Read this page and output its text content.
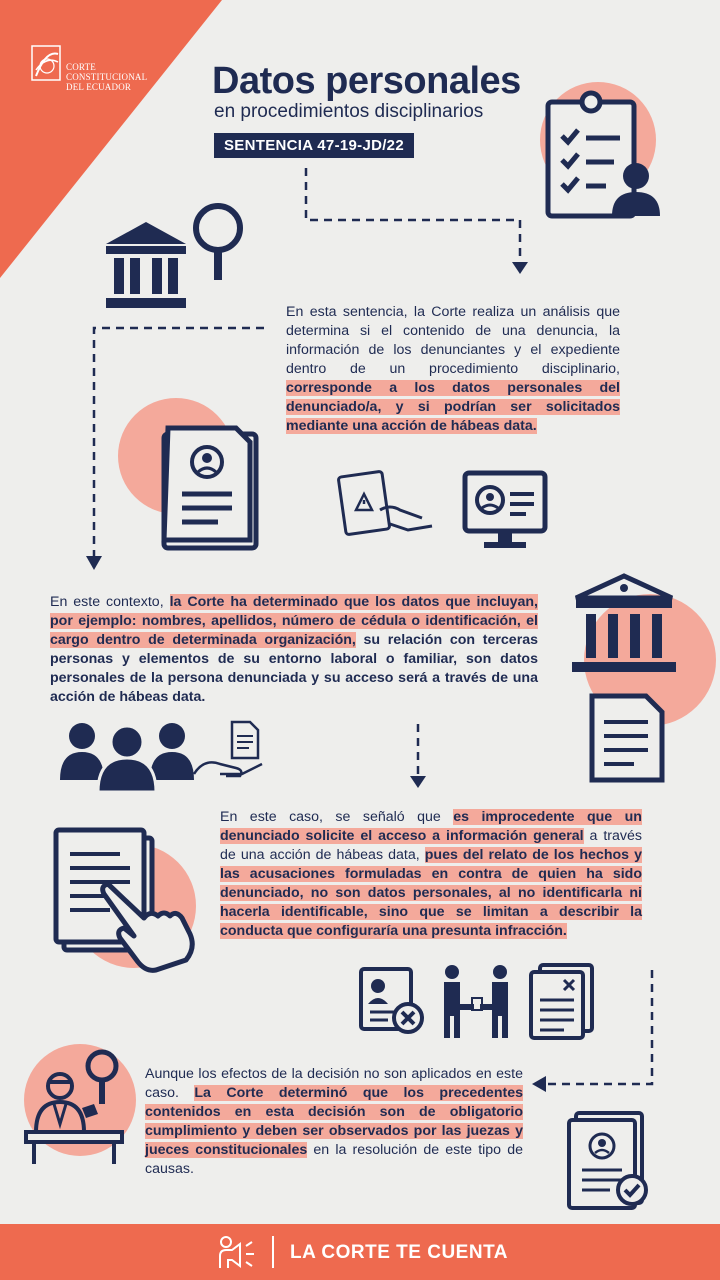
CORTE
CONSTITUCIONAL
DEL ECUADOR	Datos personales
en procedimientos disciplinarios
SENTENCIA 47-19-JD/22
En esta sentencia, la Corte realiza un análisis que determina si el contenido de una denuncia, la información de los denunciantes y el expediente dentro de un procedimiento disciplinario, corresponde a los datos personales del denunciado/a, y si podrían ser solicitados mediante una acción de hábeas data.
En este contexto, la Corte ha determinado que los datos que incluyan, por ejemplo: nombres, apellidos, número de cédula o identificación, el cargo dentro de determinada organización, su relación con terceras personas y elementos de su entorno laboral o familiar, son datos personales de la persona denunciada y su acceso será a través de una acción de hábeas data.
En este caso, se señaló que es improcedente que un denunciado solicite el acceso a información general a través de una acción de hábeas data, pues del relato de los hechos y las acusaciones formuladas en contra de quien ha sido denunciado, no son datos personales, al no identificarla ni hacerla identificable, sino que se limitan a describir la conducta que configuraría una presunta infracción.
Aunque los efectos de la decisión no son aplicados en este caso. La Corte determinó que los precedentes contenidos en esta decisión son de obligatorio cumplimiento y deben ser observados por las juezas y jueces constitucionales en la resolución de este tipo de causas.
LA CORTE TE CUENTA
